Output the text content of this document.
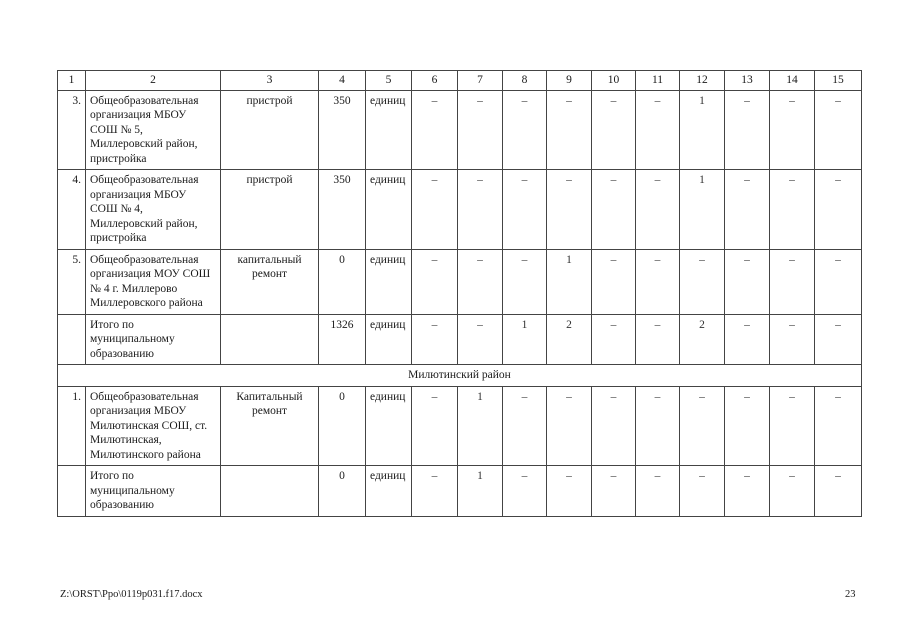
1	2	3	4	5	6	7	8	9	10	11	12	13	14	15
3.	Общеобразовательная организация МБОУ СОШ № 5, Миллеровский район, пристройка	пристрой	350	единиц	–	–	–	–	–	–	1	–	–	–
4.	Общеобразовательная организация МБОУ СОШ № 4, Миллеровский район, пристройка	пристрой	350	единиц	–	–	–	–	–	–	1	–	–	–
5.	Общеобразовательная организация МОУ СОШ № 4 г. Миллерово Миллеровского района	капитальный ремонт	0	единиц	–	–	–	1	–	–	–	–	–	–
	Итого по муниципальному образованию		1326	единиц	–	–	1	2	–	–	2	–	–	–
Милютинский район														
1.	Общеобразовательная организация МБОУ Милютинская СОШ, ст. Милютинская, Милютинского района	Капитальный ремонт	0	единиц	–	1	–	–	–	–	–	–	–	–
	Итого по муниципальному образованию		0	единиц	–	1	–	–	–	–	–	–	–	–
Z:\ORST\Ppo\0119p031.f17.docx	23
